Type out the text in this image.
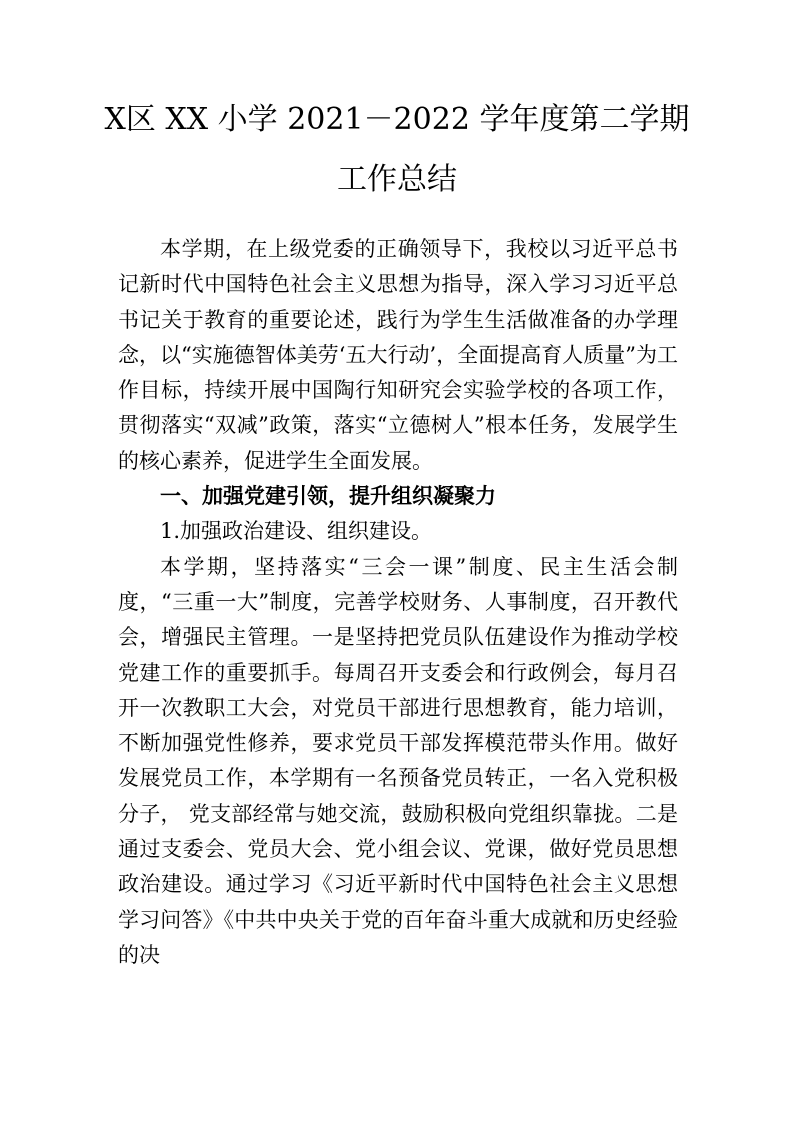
X区 XX 小学 2021－2022 学年度第二学期
工作总结

本学期，在上级党委的正确领导下，我校以习近平总书记新时代中国特色社会主义思想为指导，深入学习习近平总书记关于教育的重要论述，践行为学生生活做准备的办学理念，以“实施德智体美劳‘五大行动’，全面提高育人质量”为工作目标，持续开展中国陶行知研究会实验学校的各项工作， 贯彻落实“双减”政策，落实“立德树人”根本任务，发展学生的核心素养，促进学生全面发展。

一、加强党建引领，提升组织凝聚力

1.加强政治建设、组织建设。

本学期，坚持落实“三会一课”制度、民主生活会制度，“三重一大”制度，完善学校财务、人事制度，召开教代会，增强民主管理。一是坚持把党员队伍建设作为推动学校党建工作的重要抓手。每周召开支委会和行政例会，每月召开一次教职工大会，对党员干部进行思想教育，能力培训，不断加强党性修养，要求党员干部发挥模范带头作用。做好发展党员工作，本学期有一名预备党员转正，一名入党积极分子， 党支部经常与她交流，鼓励积极向党组织靠拢。二是通过支委会、党员大会、党小组会议、党课，做好党员思想政治建设。通过学习《习近平新时代中国特色社会主义思想学习问答》《中共中央关于党的百年奋斗重大成就和历史经验的决
